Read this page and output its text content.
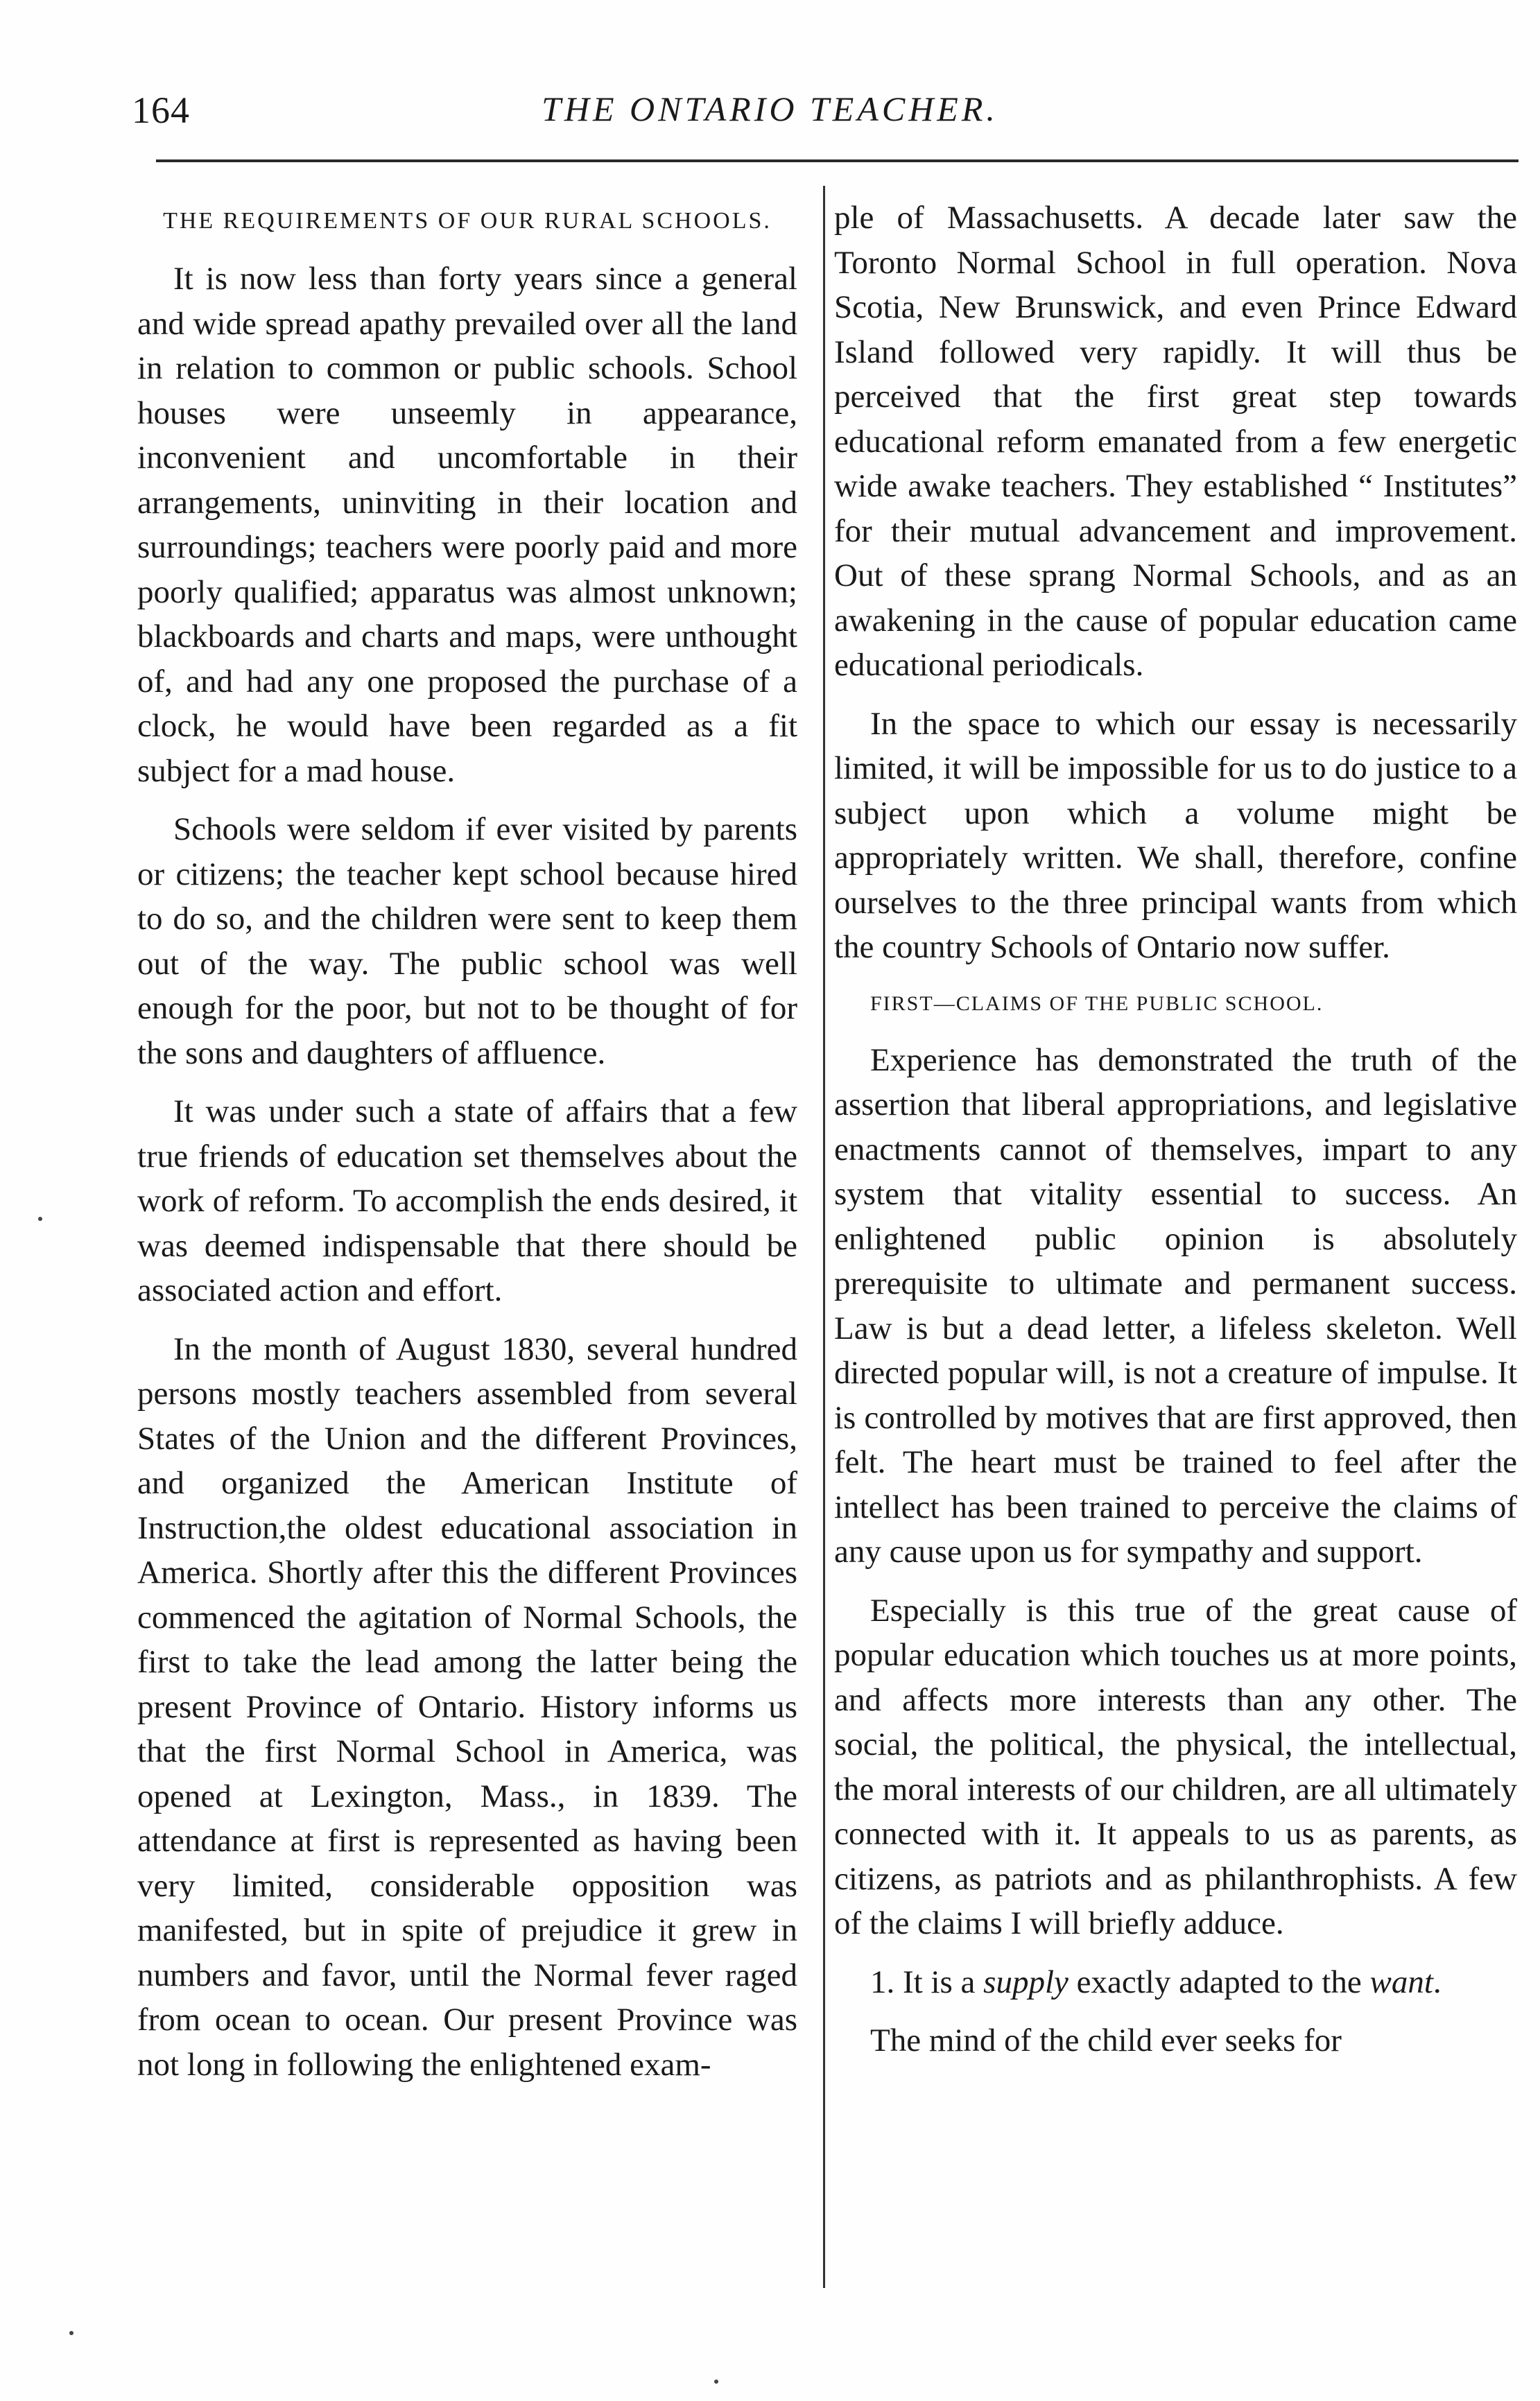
164	THE ONTARIO TEACHER.
THE REQUIREMENTS OF OUR RURAL SCHOOLS.

It is now less than forty years since a general and wide spread apathy prevailed over all the land in relation to common or public schools. School houses were unseemly in appearance, inconvenient and uncomfortable in their arrangements, uninviting in their location and surroundings; teachers were poorly paid and more poorly qualified; apparatus was almost unknown; blackboards and charts and maps, were unthought of, and had any one proposed the purchase of a clock, he would have been regarded as a fit subject for a mad house.

Schools were seldom if ever visited by parents or citizens; the teacher kept school because hired to do so, and the children were sent to keep them out of the way. The public school was well enough for the poor, but not to be thought of for the sons and daughters of affluence.

It was under such a state of affairs that a few true friends of education set themselves about the work of reform. To accomplish the ends desired, it was deemed indispensable that there should be associated action and effort.

In the month of August 1830, several hundred persons mostly teachers assembled from several States of the Union and the different Provinces, and organized the American Institute of Instruction,the oldest educational association in America. Shortly after this the different Provinces commenced the agitation of Normal Schools, the first to take the lead among the latter being the present Province of Ontario. History informs us that the first Normal School in America, was opened at Lexington, Mass., in 1839. The attendance at first is represented as having been very limited, considerable opposition was manifested, but in spite of prejudice it grew in numbers and favor, until the Normal fever raged from ocean to ocean. Our present Province was not long in following the enlightened exam-

ple of Massachusetts. A decade later saw the Toronto Normal School in full operation. Nova Scotia, New Brunswick, and even Prince Edward Island followed very rapidly. It will thus be perceived that the first great step towards educational reform emanated from a few energetic wide awake teachers. They established “ Institutes” for their mutual advancement and improvement. Out of these sprang Normal Schools, and as an awakening in the cause of popular education came educational periodicals.

In the space to which our essay is necessarily limited, it will be impossible for us to do justice to a subject upon which a volume might be appropriately written. We shall, therefore, confine ourselves to the three principal wants from which the country Schools of Ontario now suffer.

FIRST—CLAIMS OF THE PUBLIC SCHOOL.

Experience has demonstrated the truth of the assertion that liberal appropriations, and legislative enactments cannot of themselves, impart to any system that vitality essential to success. An enlightened public opinion is absolutely prerequisite to ultimate and permanent success. Law is but a dead letter, a lifeless skeleton. Well directed popular will, is not a creature of impulse. It is controlled by motives that are first approved, then felt. The heart must be trained to feel after the intellect has been trained to perceive the claims of any cause upon us for sympathy and support.

Especially is this true of the great cause of popular education which touches us at more points, and affects more interests than any other. The social, the political, the physical, the intellectual, the moral interests of our children, are all ultimately connected with it. It appeals to us as parents, as citizens, as patriots and as philanthrophists. A few of the claims I will briefly adduce.

1. It is a supply exactly adapted to the want.

The mind of the child ever seeks for
